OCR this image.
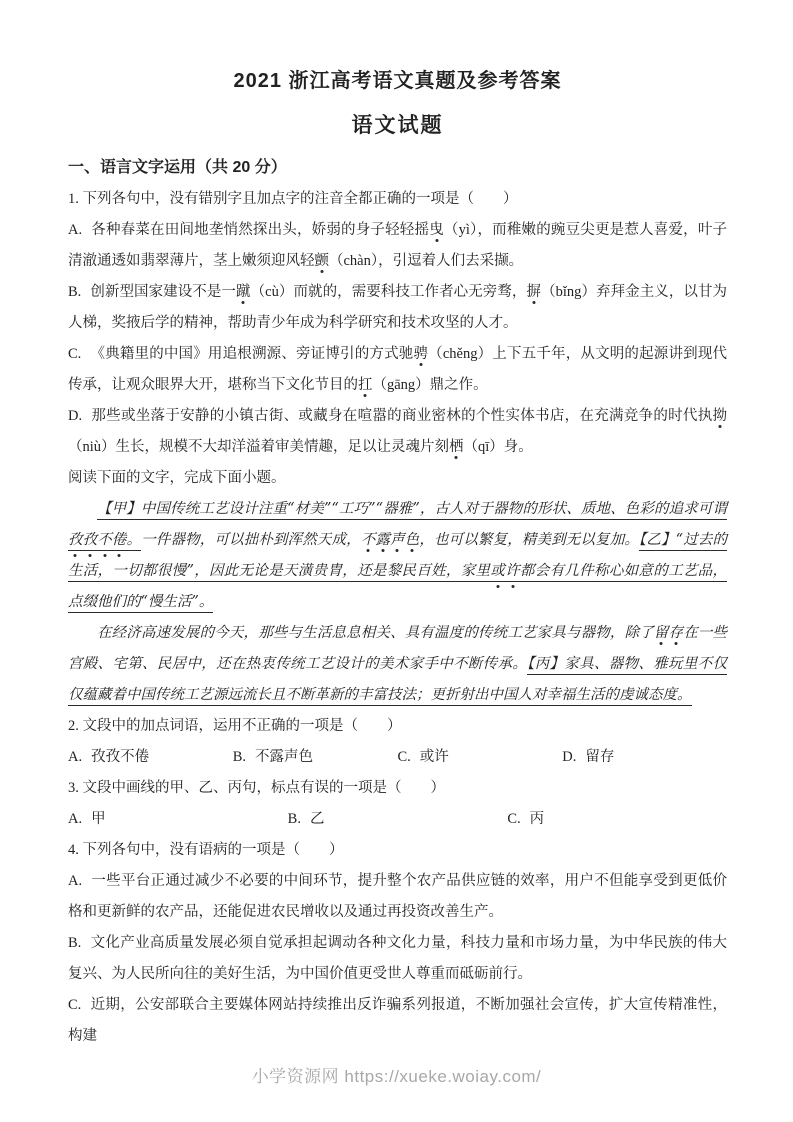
2021 浙江高考语文真题及参考答案
语文试题
一、语言文字运用（共 20 分）

1. 下列各句中，没有错别字且加点字的注音全都正确的一项是（　　）

A. 各种春菜在田间地垄悄然探出头，娇弱的身子轻轻摇曳（yì），而稚嫩的豌豆尖更是惹人喜爱，叶子清澈通透如翡翠薄片，茎上嫩须迎风轻颤（chàn），引逗着人们去采撷。

B. 创新型国家建设不是一蹴（cù）而就的，需要科技工作者心无旁骛，摒（bǐng）弃拜金主义，以甘为人梯，奖掖后学的精神，帮助青少年成为科学研究和技术攻坚的人才。

C. 《典籍里的中国》用追根溯源、旁证博引的方式驰骋（chěng）上下五千年，从文明的起源讲到现代传承，让观众眼界大开，堪称当下文化节目的扛（gāng）鼎之作。

D. 那些或坐落于安静的小镇古街、或藏身在喧嚣的商业密林的个性实体书店，在充满竞争的时代执拗（niù）生长，规模不大却洋溢着审美情趣，足以让灵魂片刻栖（qī）身。

阅读下面的文字，完成下面小题。

【甲】中国传统工艺设计注重“材美”“工巧”“器雅”，古人对于器物的形状、质地、色彩的追求可谓孜孜不倦。一件器物，可以拙朴到浑然天成，不露声色，也可以繁复，精美到无以复加。【乙】“过去的生活，一切都很慢”，因此无论是天潢贵胄，还是黎民百姓，家里或许都会有几件称心如意的工艺品，点缀他们的“慢生活”。

在经济高速发展的今天，那些与生活息息相关、具有温度的传统工艺家具与器物，除了留存在一些宫殿、宅第、民居中，还在热衷传统工艺设计的美术家手中不断传承。【丙】家具、器物、雅玩里不仅仅蕴藏着中国传统工艺源远流长且不断革新的丰富技法；更折射出中国人对幸福生活的虔诚态度。

2. 文段中的加点词语，运用不正确的一项是（　　）

A. 孜孜不倦	B. 不露声色	C. 或许	D. 留存

3. 文段中画线的甲、乙、丙句，标点有误的一项是（　　）

A. 甲	B. 乙	C. 丙

4. 下列各句中，没有语病的一项是（　　）

A. 一些平台正通过减少不必要的中间环节，提升整个农产品供应链的效率，用户不但能享受到更低价格和更新鲜的农产品，还能促进农民增收以及通过再投资改善生产。

B. 文化产业高质量发展必须自觉承担起调动各种文化力量，科技力量和市场力量，为中华民族的伟大复兴、为人民所向往的美好生活，为中国价值更受世人尊重而砥砺前行。

C. 近期，公安部联合主要媒体网站持续推出反诈骗系列报道，不断加强社会宣传，扩大宣传精准性，构建

小学资源网 https://xueke.woiay.com/
